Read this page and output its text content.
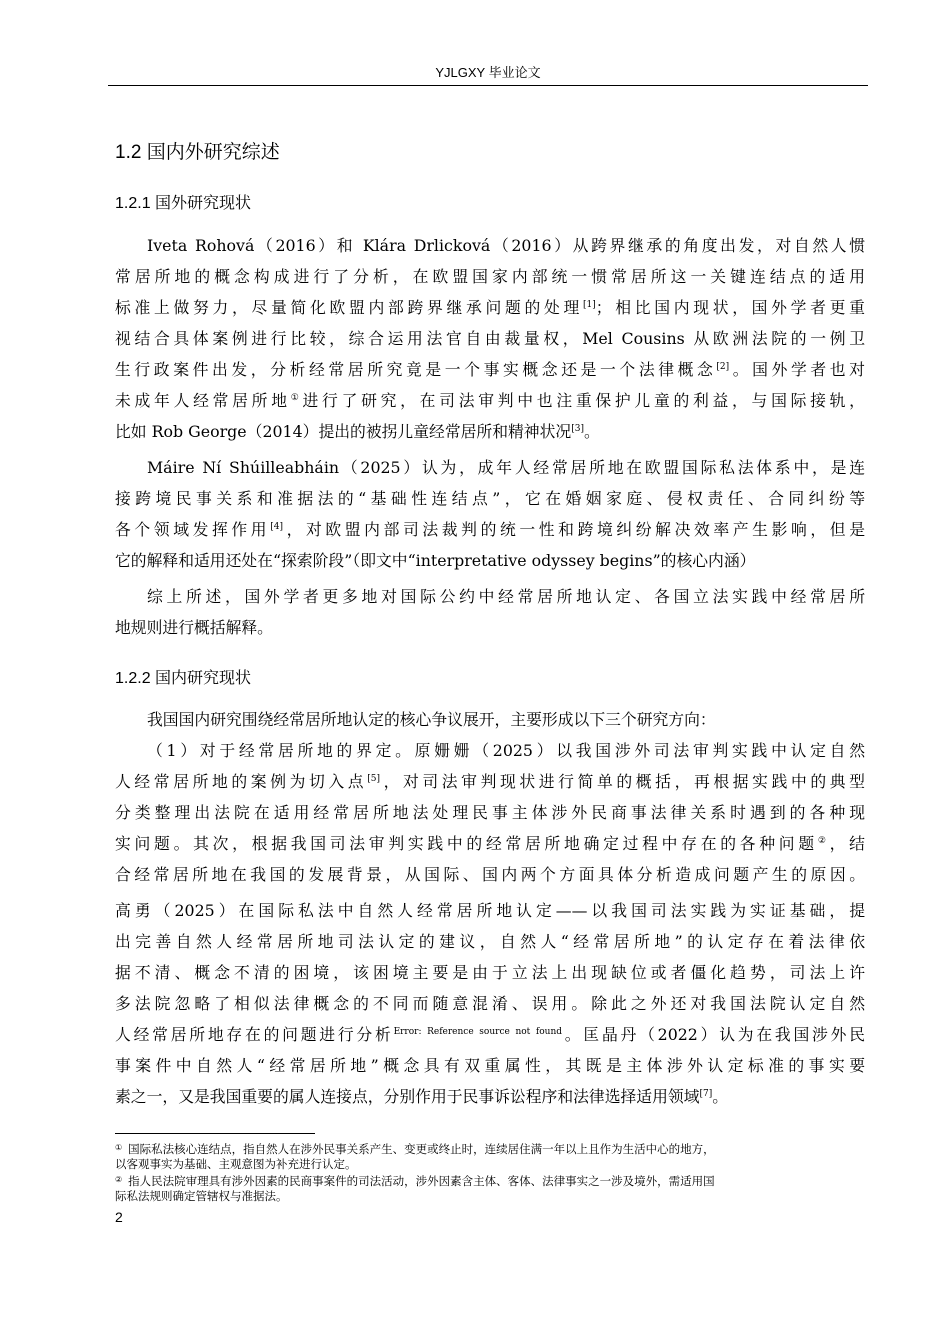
YJLGXY 毕业论文
1.2 国内外研究综述
1.2.1 国外研究现状

Iveta Rohová（2016）和 Klára Drlicková（2016）从跨界继承的角度出发，对自然人惯

常居所地的概念构成进行了分析，在欧盟国家内部统一惯常居所这一关键连结点的适用

标准上做努力，尽量简化欧盟内部跨界继承问题的处理[1]；相比国内现状，国外学者更重

视结合具体案例进行比较，综合运用法官自由裁量权，Mel Cousins 从欧洲法院的一例卫

生行政案件出发，分析经常居所究竟是一个事实概念还是一个法律概念[2]。国外学者也对

未成年人经常居所地①进行了研究，在司法审判中也注重保护儿童的利益，与国际接轨，

比如 Rob George（2014）提出的被拐儿童经常居所和精神状况[3]。

Máire Ní Shúilleabháin（2025）认为，成年人经常居所地在欧盟国际私法体系中，是连

接跨境民事关系和准据法的“基础性连结点”，它在婚姻家庭、侵权责任、合同纠纷等

各个领域发挥作用[4]，对欧盟内部司法裁判的统一性和跨境纠纷解决效率产生影响，但是

它的解释和适用还处在“探索阶段”（即文中“interpretative odyssey begins”的核心内涵）

综上所述，国外学者更多地对国际公约中经常居所地认定、各国立法实践中经常居所

地规则进行概括解释。

1.2.2 国内研究现状

我国国内研究围绕经常居所地认定的核心争议展开，主要形成以下三个研究方向：

（1）对于经常居所地的界定。原姗姗（2025）以我国涉外司法审判实践中认定自然

人经常居所地的案例为切入点[5]，对司法审判现状进行简单的概括，再根据实践中的典型

分类整理出法院在适用经常居所地法处理民事主体涉外民商事法律关系时遇到的各种现

实问题。其次，根据我国司法审判实践中的经常居所地确定过程中存在的各种问题②，结

合经常居所地在我国的发展背景，从国际、国内两个方面具体分析造成问题产生的原因。

高勇（2025）在国际私法中自然人经常居所地认定——以我国司法实践为实证基础，提

出完善自然人经常居所地司法认定的建议，自然人“经常居所地”的认定存在着法律依

据不清、概念不清的困境，该困境主要是由于立法上出现缺位或者僵化趋势，司法上许

多法院忽略了相似法律概念的不同而随意混淆、误用。除此之外还对我国法院认定自然

人经常居所地存在的问题进行分析$^{Error: Reference source not found}$。匡晶丹（2022）认为在我国涉外民

事案件中自然人“经常居所地”概念具有双重属性，其既是主体涉外认定标准的事实要

素之一，又是我国重要的属人连接点，分别作用于民事诉讼程序和法律选择适用领域[7]。

① 国际私法核心连结点，指自然人在涉外民事关系产生、变更或终止时，连续居住满一年以上且作为生活中心的地方，

以客观事实为基础、主观意图为补充进行认定。

② 指人民法院审理具有涉外因素的民商事案件的司法活动，涉外因素含主体、客体、法律事实之一涉及境外，需适用国

际私法规则确定管辖权与准据法。

2
